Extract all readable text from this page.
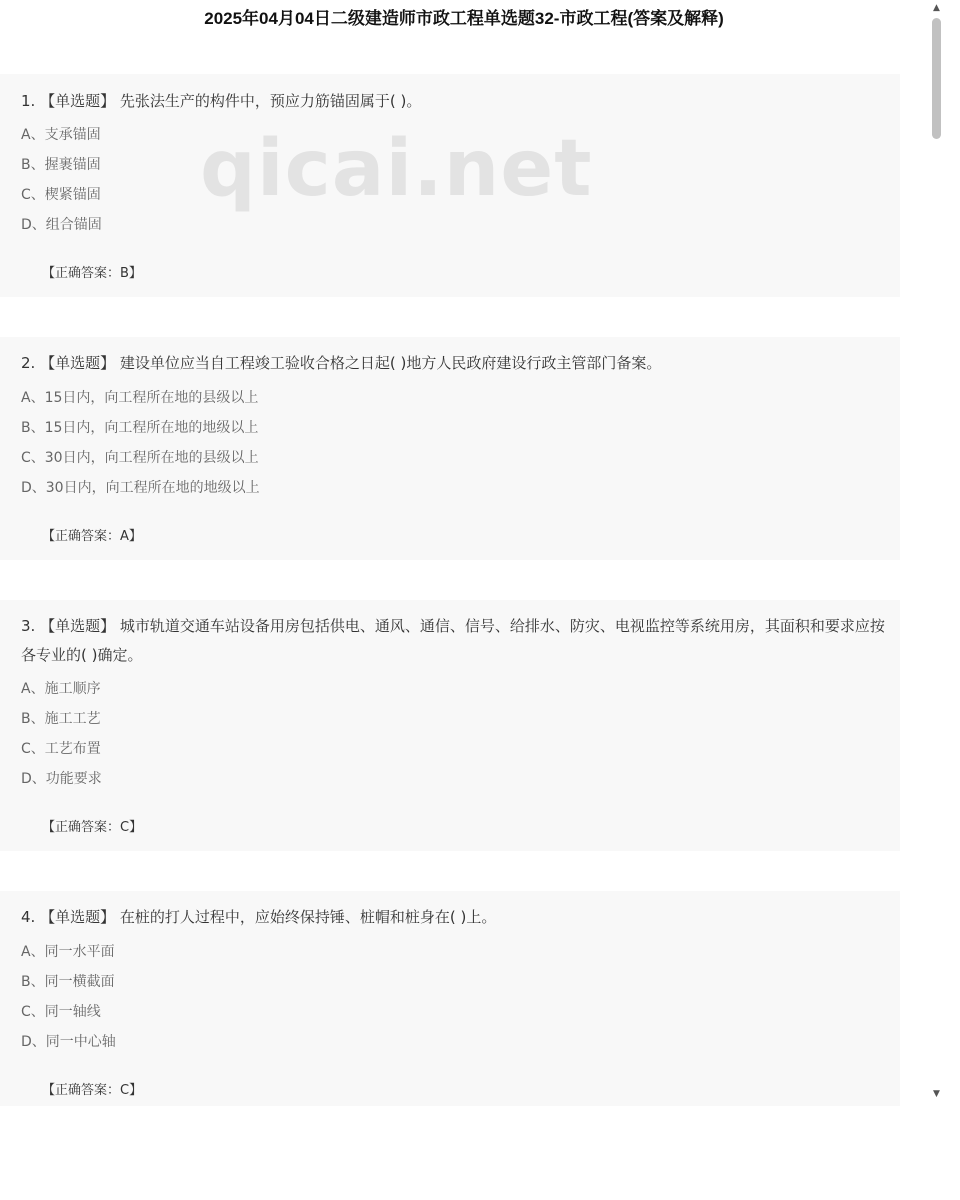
2025年04月04日二级建造师市政工程单选题32-市政工程(答案及解释)
qicai.net
1. 【单选题】 先张法生产的构件中，预应力筋锚固属于( )。
A、支承锚固
B、握裹锚固
C、楔紧锚固
D、组合锚固
【正确答案：B】
2. 【单选题】 建设单位应当自工程竣工验收合格之日起( )地方人民政府建设行政主管部门备案。
A、15日内，向工程所在地的县级以上
B、15日内，向工程所在地的地级以上
C、30日内，向工程所在地的县级以上
D、30日内，向工程所在地的地级以上
【正确答案：A】
3. 【单选题】 城市轨道交通车站设备用房包括供电、通风、通信、信号、给排水、防灾、电视监控等系统用房，其面积和要求应按各专业的( )确定。
A、施工顺序
B、施工工艺
C、工艺布置
D、功能要求
【正确答案：C】
4. 【单选题】 在桩的打人过程中，应始终保持锤、桩帽和桩身在( )上。
A、同一水平面
B、同一横截面
C、同一轴线
D、同一中心轴
【正确答案：C】
▲
▼
